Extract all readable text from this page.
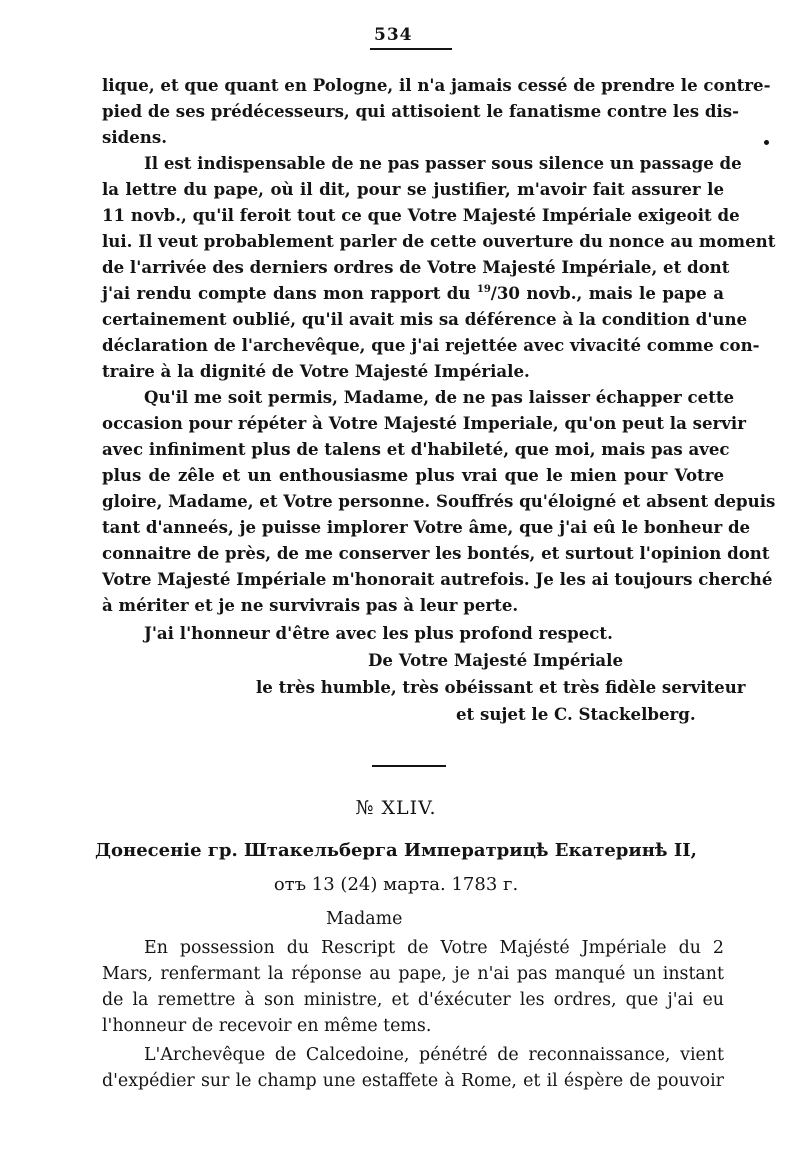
534
lique, et que quant en Pologne, il n'a jamais cessé de prendre le contre-
pied de ses prédécesseurs, qui attisoient le fanatisme contre les dis-
sidens.
Il est indispensable de ne pas passer sous silence un passage de
la lettre du pape, où il dit, pour se justifier, m'avoir fait assurer le
11 novb., qu'il feroit tout ce que Votre Majesté Impériale exigeoit de
lui. Il veut probablement parler de cette ouverture du nonce au moment
de l'arrivée des derniers ordres de Votre Majesté Impériale, et dont
j'ai rendu compte dans mon rapport du $^{19}$/30 novb., mais le pape a
certainement oublié, qu'il avait mis sa déférence à la condition d'une
déclaration de l'archevêque, que j'ai rejettée avec vivacité comme con-
traire à la dignité de Votre Majesté Impériale.
Qu'il me soit permis, Madame, de ne pas laisser échapper cette
occasion pour répéter à Votre Majesté Imperiale, qu'on peut la servir
avec infiniment plus de talens et d'habileté, que moi, mais pas avec
plus de zêle et un enthousiasme plus vrai que le mien pour Votre
gloire, Madame, et Votre personne. Souffrés qu'éloigné et absent depuis
tant d'anneés, je puisse implorer Votre âme, que j'ai eû le bonheur de
connaitre de près, de me conserver les bontés, et surtout l'opinion dont
Votre Majesté Impériale m'honorait autrefois. Je les ai toujours cherché
à mériter et je ne survivrais pas à leur perte.
J'ai l'honneur d'être avec les plus profond respect.
De Votre Majesté Impériale
le très humble, très obéissant et très fidèle serviteur
et sujet le C. Stackelberg.
№ XLIV.
Донесеніе гр. Штакельберга Императрицѣ Екатеринѣ II,
отъ 13 (24) марта. 1783 г.
Madame
En possession du Rescript de Votre Majésté Jmpériale du 2
Mars, renfermant la réponse au pape, je n'ai pas manqué un instant
de la remettre à son ministre, et d'éxécuter les ordres, que j'ai eu
l'honneur de recevoir en même tems.
L'Archevêque de Calcedoine, pénétré de reconnaissance, vient
d'expédier sur le champ une estaffete à Rome, et il éspère de pouvoir
